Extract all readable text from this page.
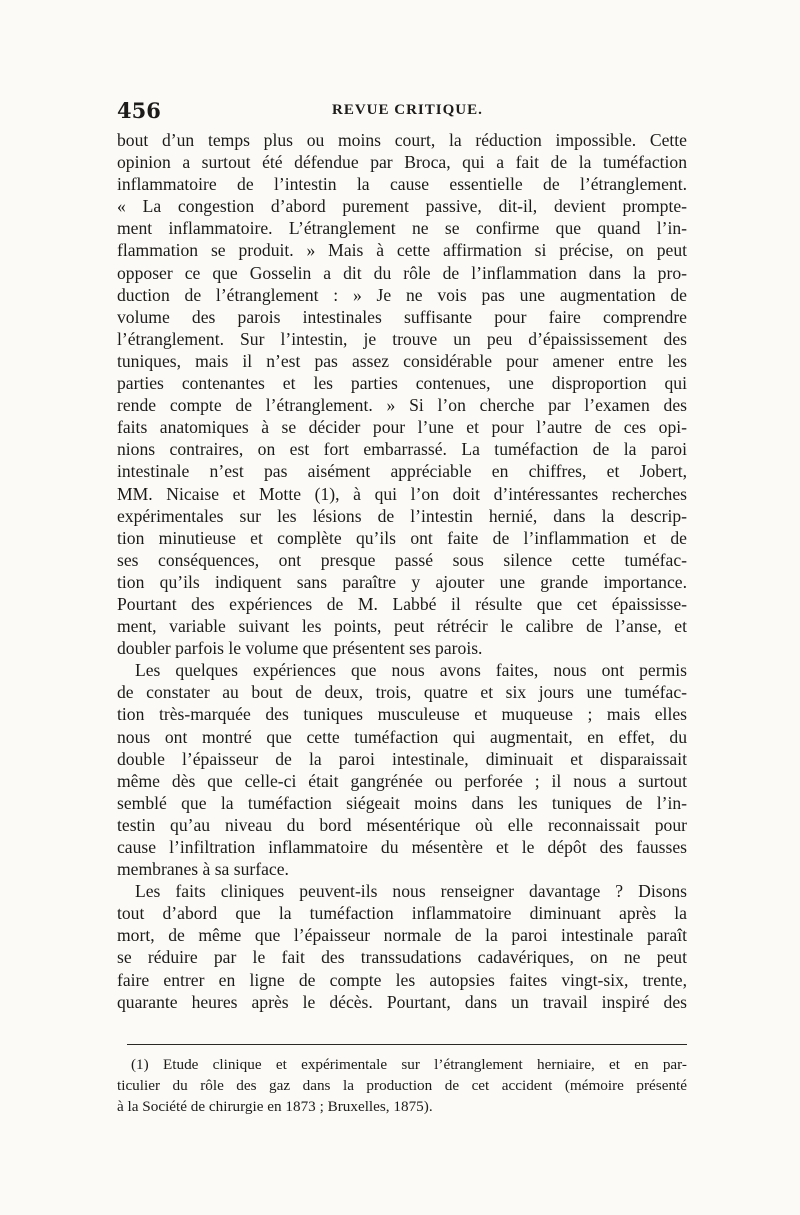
456	REVUE CRITIQUE.
bout d’un temps plus ou moins court, la réduction impossible. Cette
opinion a surtout été défendue par Broca, qui a fait de la tuméfaction
inflammatoire de l’intestin la cause essentielle de l’étranglement.
« La congestion d’abord purement passive, dit-il, devient prompte-
ment inflammatoire. L’étranglement ne se confirme que quand l’in-
flammation se produit. » Mais à cette affirmation si précise, on peut
opposer ce que Gosselin a dit du rôle de l’inflammation dans la pro-
duction de l’étranglement : » Je ne vois pas une augmentation de
volume des parois intestinales suffisante pour faire comprendre
l’étranglement. Sur l’intestin, je trouve un peu d’épaississement des
tuniques, mais il n’est pas assez considérable pour amener entre les
parties contenantes et les parties contenues, une disproportion qui
rende compte de l’étranglement. » Si l’on cherche par l’examen des
faits anatomiques à se décider pour l’une et pour l’autre de ces opi-
nions contraires, on est fort embarrassé. La tuméfaction de la paroi
intestinale n’est pas aisément appréciable en chiffres, et Jobert,
MM. Nicaise et Motte (1), à qui l’on doit d’intéressantes recherches
expérimentales sur les lésions de l’intestin hernié, dans la descrip-
tion minutieuse et complète qu’ils ont faite de l’inflammation et de
ses conséquences, ont presque passé sous silence cette tuméfac-
tion qu’ils indiquent sans paraître y ajouter une grande importance.
Pourtant des expériences de M. Labbé il résulte que cet épaississe-
ment, variable suivant les points, peut rétrécir le calibre de l’anse, et
doubler parfois le volume que présentent ses parois.
Les quelques expériences que nous avons faites, nous ont permis
de constater au bout de deux, trois, quatre et six jours une tuméfac-
tion très-marquée des tuniques musculeuse et muqueuse ; mais elles
nous ont montré que cette tuméfaction qui augmentait, en effet, du
double l’épaisseur de la paroi intestinale, diminuait et disparaissait
même dès que celle-ci était gangrénée ou perforée ; il nous a surtout
semblé que la tuméfaction siégeait moins dans les tuniques de l’in-
testin qu’au niveau du bord mésentérique où elle reconnaissait pour
cause l’infiltration inflammatoire du mésentère et le dépôt des fausses
membranes à sa surface.
Les faits cliniques peuvent-ils nous renseigner davantage ? Disons
tout d’abord que la tuméfaction inflammatoire diminuant après la
mort, de même que l’épaisseur normale de la paroi intestinale paraît
se réduire par le fait des transsudations cadavériques, on ne peut
faire entrer en ligne de compte les autopsies faites vingt-six, trente,
quarante heures après le décès. Pourtant, dans un travail inspiré des
(1) Etude clinique et expérimentale sur l’étranglement herniaire, et en par-
ticulier du rôle des gaz dans la production de cet accident (mémoire présenté
à la Société de chirurgie en 1873 ; Bruxelles, 1875).
